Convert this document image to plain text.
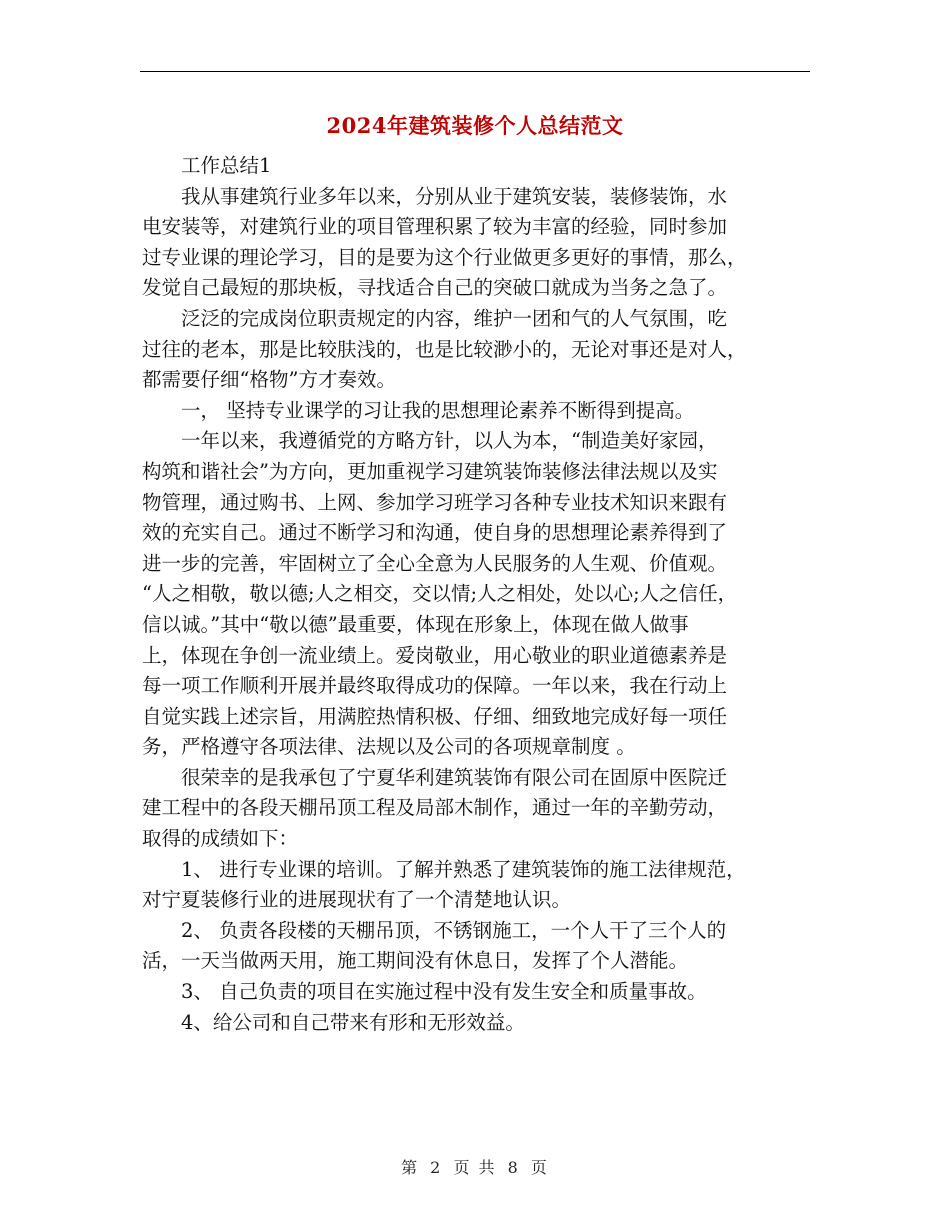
2024年建筑装修个人总结范文

工作总结1

我从事建筑行业多年以来，分别从业于建筑安装，装修装饰，水
电安装等，对建筑行业的项目管理积累了较为丰富的经验，同时参加
过专业课的理论学习，目的是要为这个行业做更多更好的事情，那么，
发觉自己最短的那块板，寻找适合自己的突破口就成为当务之急了。

泛泛的完成岗位职责规定的内容，维护一团和气的人气氛围，吃
过往的老本，那是比较肤浅的，也是比较渺小的，无论对事还是对人，
都需要仔细“格物”方才奏效。

一， 坚持专业课学的习让我的思想理论素养不断得到提高。

一年以来，我遵循党的方略方针，以人为本，“制造美好家园，
构筑和谐社会”为方向，更加重视学习建筑装饰装修法律法规以及实
物管理，通过购书、上网、参加学习班学习各种专业技术知识来跟有
效的充实自己。通过不断学习和沟通，使自身的思想理论素养得到了
进一步的完善，牢固树立了全心全意为人民服务的人生观、价值观。
“人之相敬，敬以德;人之相交，交以情;人之相处，处以心;人之信任，
信以诚。”其中“敬以德”最重要，体现在形象上，体现在做人做事
上，体现在争创一流业绩上。爱岗敬业，用心敬业的职业道德素养是
每一项工作顺利开展并最终取得成功的保障。一年以来，我在行动上
自觉实践上述宗旨，用满腔热情积极、仔细、细致地完成好每一项任
务，严格遵守各项法律、法规以及公司的各项规章制度 。

很荣幸的是我承包了宁夏华利建筑装饰有限公司在固原中医院迁
建工程中的各段天棚吊顶工程及局部木制作，通过一年的辛勤劳动，
取得的成绩如下：

1、 进行专业课的培训。了解并熟悉了建筑装饰的施工法律规范，
对宁夏装修行业的进展现状有了一个清楚地认识。

2、 负责各段楼的天棚吊顶，不锈钢施工，一个人干了三个人的
活，一天当做两天用，施工期间没有休息日，发挥了个人潜能。

3、 自己负责的项目在实施过程中没有发生安全和质量事故。

4、给公司和自己带来有形和无形效益。

第 2 页 共 8 页
